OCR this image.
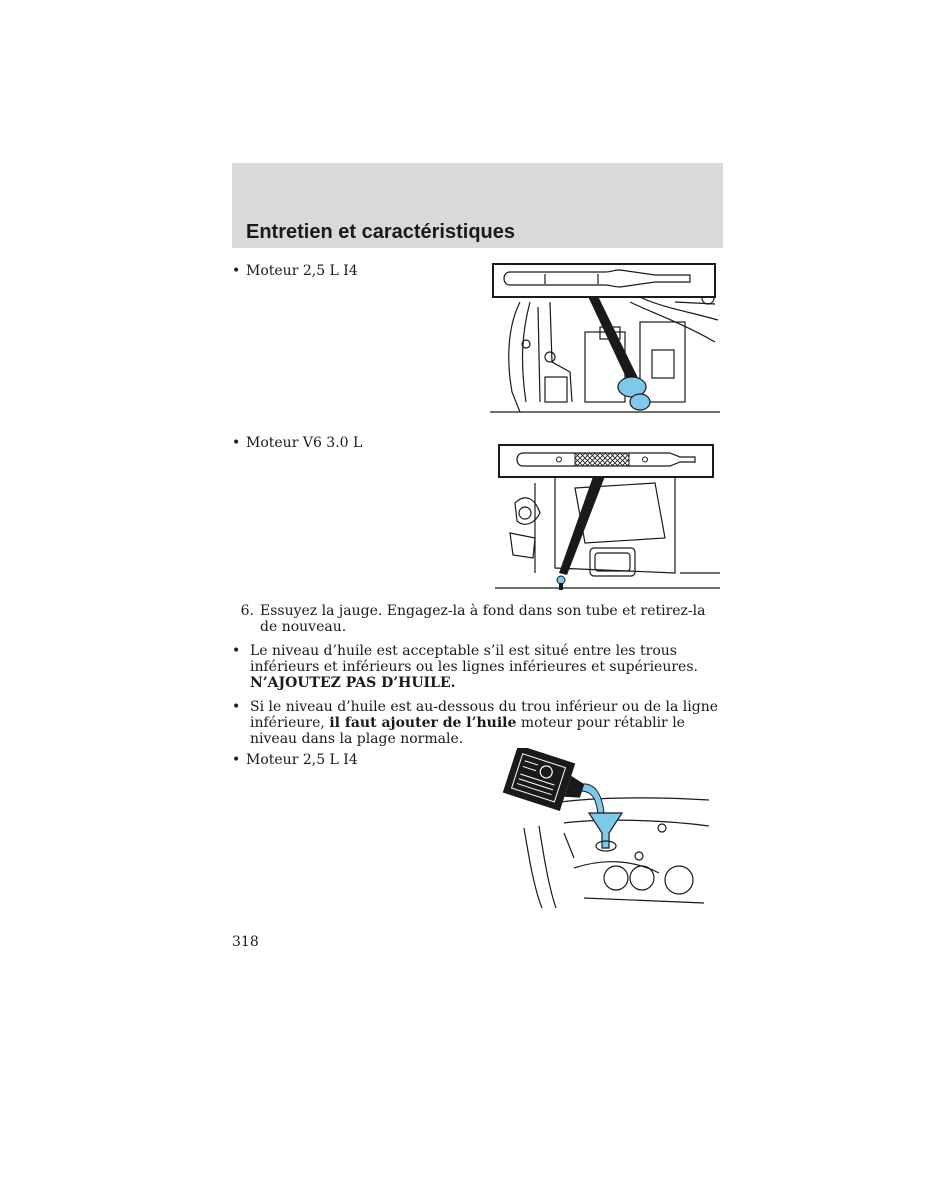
Entretien et caractéristiques
• Moteur 2,5 L I4
• Moteur V6 3.0 L
6. Essuyez la jauge. Engagez-la à fond dans son tube et retirez-la de nouveau.
• Le niveau d’huile est acceptable s’il est situé entre les trous inférieurs et inférieurs ou les lignes inférieures et supérieures. N’AJOUTEZ PAS D’HUILE.
• Si le niveau d’huile est au-dessous du trou inférieur ou de la ligne inférieure, il faut ajouter de l’huile moteur pour rétablir le niveau dans la plage normale.
• Moteur 2,5 L I4
318
